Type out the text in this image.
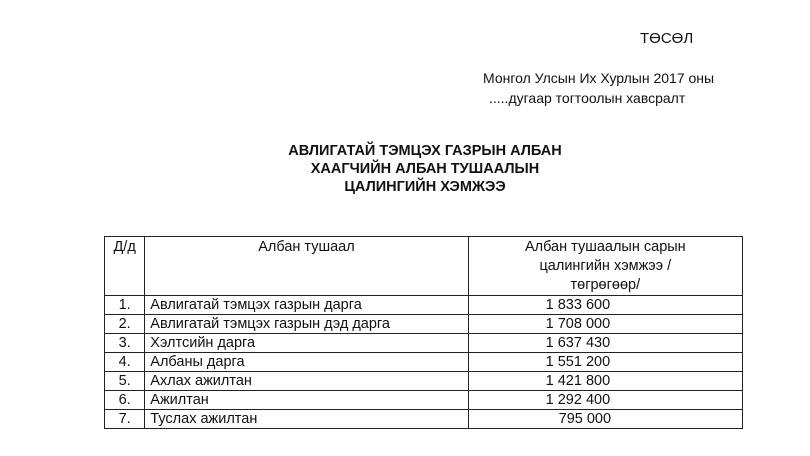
ТӨСӨЛ
Монгол Улсын Их Хурлын 2017 оны
.....дугаар тогтоолын хавсралт
АВЛИГАТАЙ ТЭМЦЭХ ГАЗРЫН АЛБАН
ХААГЧИЙН АЛБАН ТУШААЛЫН
ЦАЛИНГИЙН ХЭМЖЭЭ
Д/д	Албан тушаал	Албан тушаалын сарын
цалингийн хэмжээ /
төгрөгөөр/

1.	Авлигатай тэмцэх газрын дарга	1 833 600
2.	Авлигатай тэмцэх газрын дэд дарга	1 708 000
3.	Хэлтсийн дарга	1 637 430
4.	Албаны дарга	1 551 200
5.	Ахлах ажилтан	1 421 800
6.	Ажилтан	1 292 400
7.	Туслах ажилтан	795 000
